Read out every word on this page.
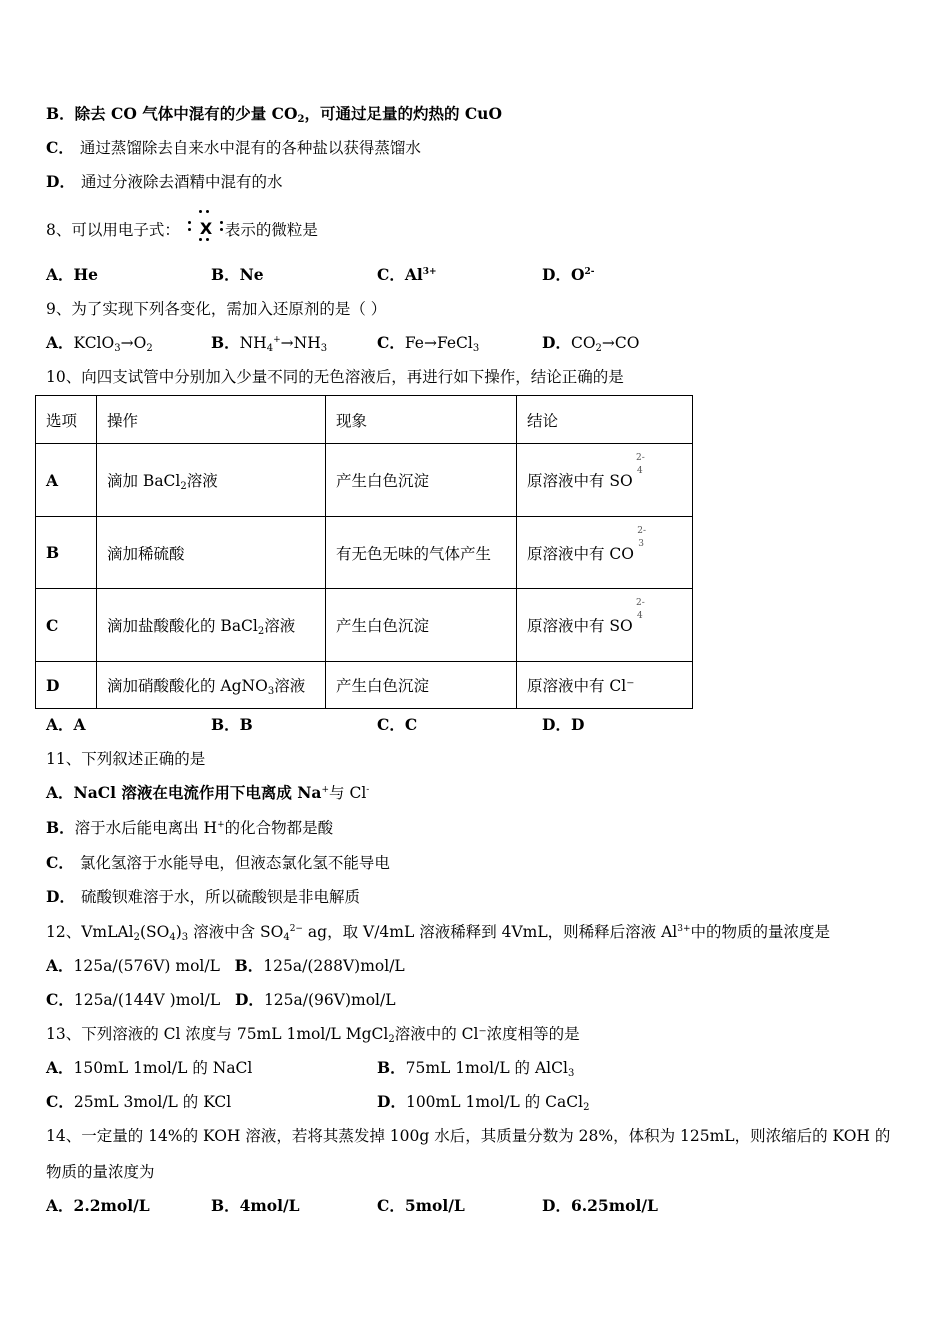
B．除去 CO 气体中混有的少量 $CO_2$，可通过足量的灼热的 CuO
C． 通过蒸馏除去自来水中混有的各种盐以获得蒸馏水
D． 通过分液除去酒精中混有的水
8、可以用电子式： X 表示的微粒是
A．He	B．Ne	C．$Al^{3+}$	D．$O^{2-}$
9、为了实现下列各变化，需加入还原剂的是（ ）
A．$KClO_3\to O_2$	B．$NH_4^+\to NH_3$	C．Fe→FeCl$_3$	D．$CO_2\to CO$
10、向四支试管中分别加入少量不同的无色溶液后，再进行如下操作，结论正确的是
选项	操作	现象	结论
A	滴加 BaCl$_2$溶液	产生白色沉淀	原溶液中有 SO
2-
4

B	滴加稀硫酸	有无色无味的气体产生	原溶液中有 CO
2-
3

C	滴加盐酸酸化的 BaCl$_2$溶液	产生白色沉淀	原溶液中有 SO
2-
4

D	滴加硝酸酸化的 AgNO$_3$溶液	产生白色沉淀	原溶液中有 Cl⁻
A．A	B．B	C．C	D．D
11、下列叙述正确的是
A．NaCl 溶液在电流作用下电离成 Na+与 Cl-
B．溶于水后能电离出 H+的化合物都是酸
C． 氯化氢溶于水能导电，但液态氯化氢不能导电
D． 硫酸钡难溶于水，所以硫酸钡是非电解质
12、$VmLAl_2(SO_4)_3$ 溶液中含 $SO_4^{2-}$ ag，取 V/4mL 溶液稀释到 4VmL，则稀释后溶液 $Al^{3+}$中的物质的量浓度是
A．125a/(576V) mol/L B．125a/(288V)mol/L
C．125a/(144V )mol/L D．125a/(96V)mol/L
13、下列溶液的 Cl 浓度与 75mL 1mol/L MgCl$_2$溶液中的 Cl⁻浓度相等的是
A．150mL 1mol/L 的 NaCl	B．75mL 1mol/L 的 AlCl$_3$
C．25mL 3mol/L 的 KCl	D．100mL 1mol/L 的 CaCl$_2$
14、一定量的 14%的 KOH 溶液，若将其蒸发掉 100g 水后，其质量分数为 28%，体积为 125mL，则浓缩后的 KOH 的
物质的量浓度为
A．2.2mol/L	B．4mol/L	C．5mol/L	D．6.25mol/L
